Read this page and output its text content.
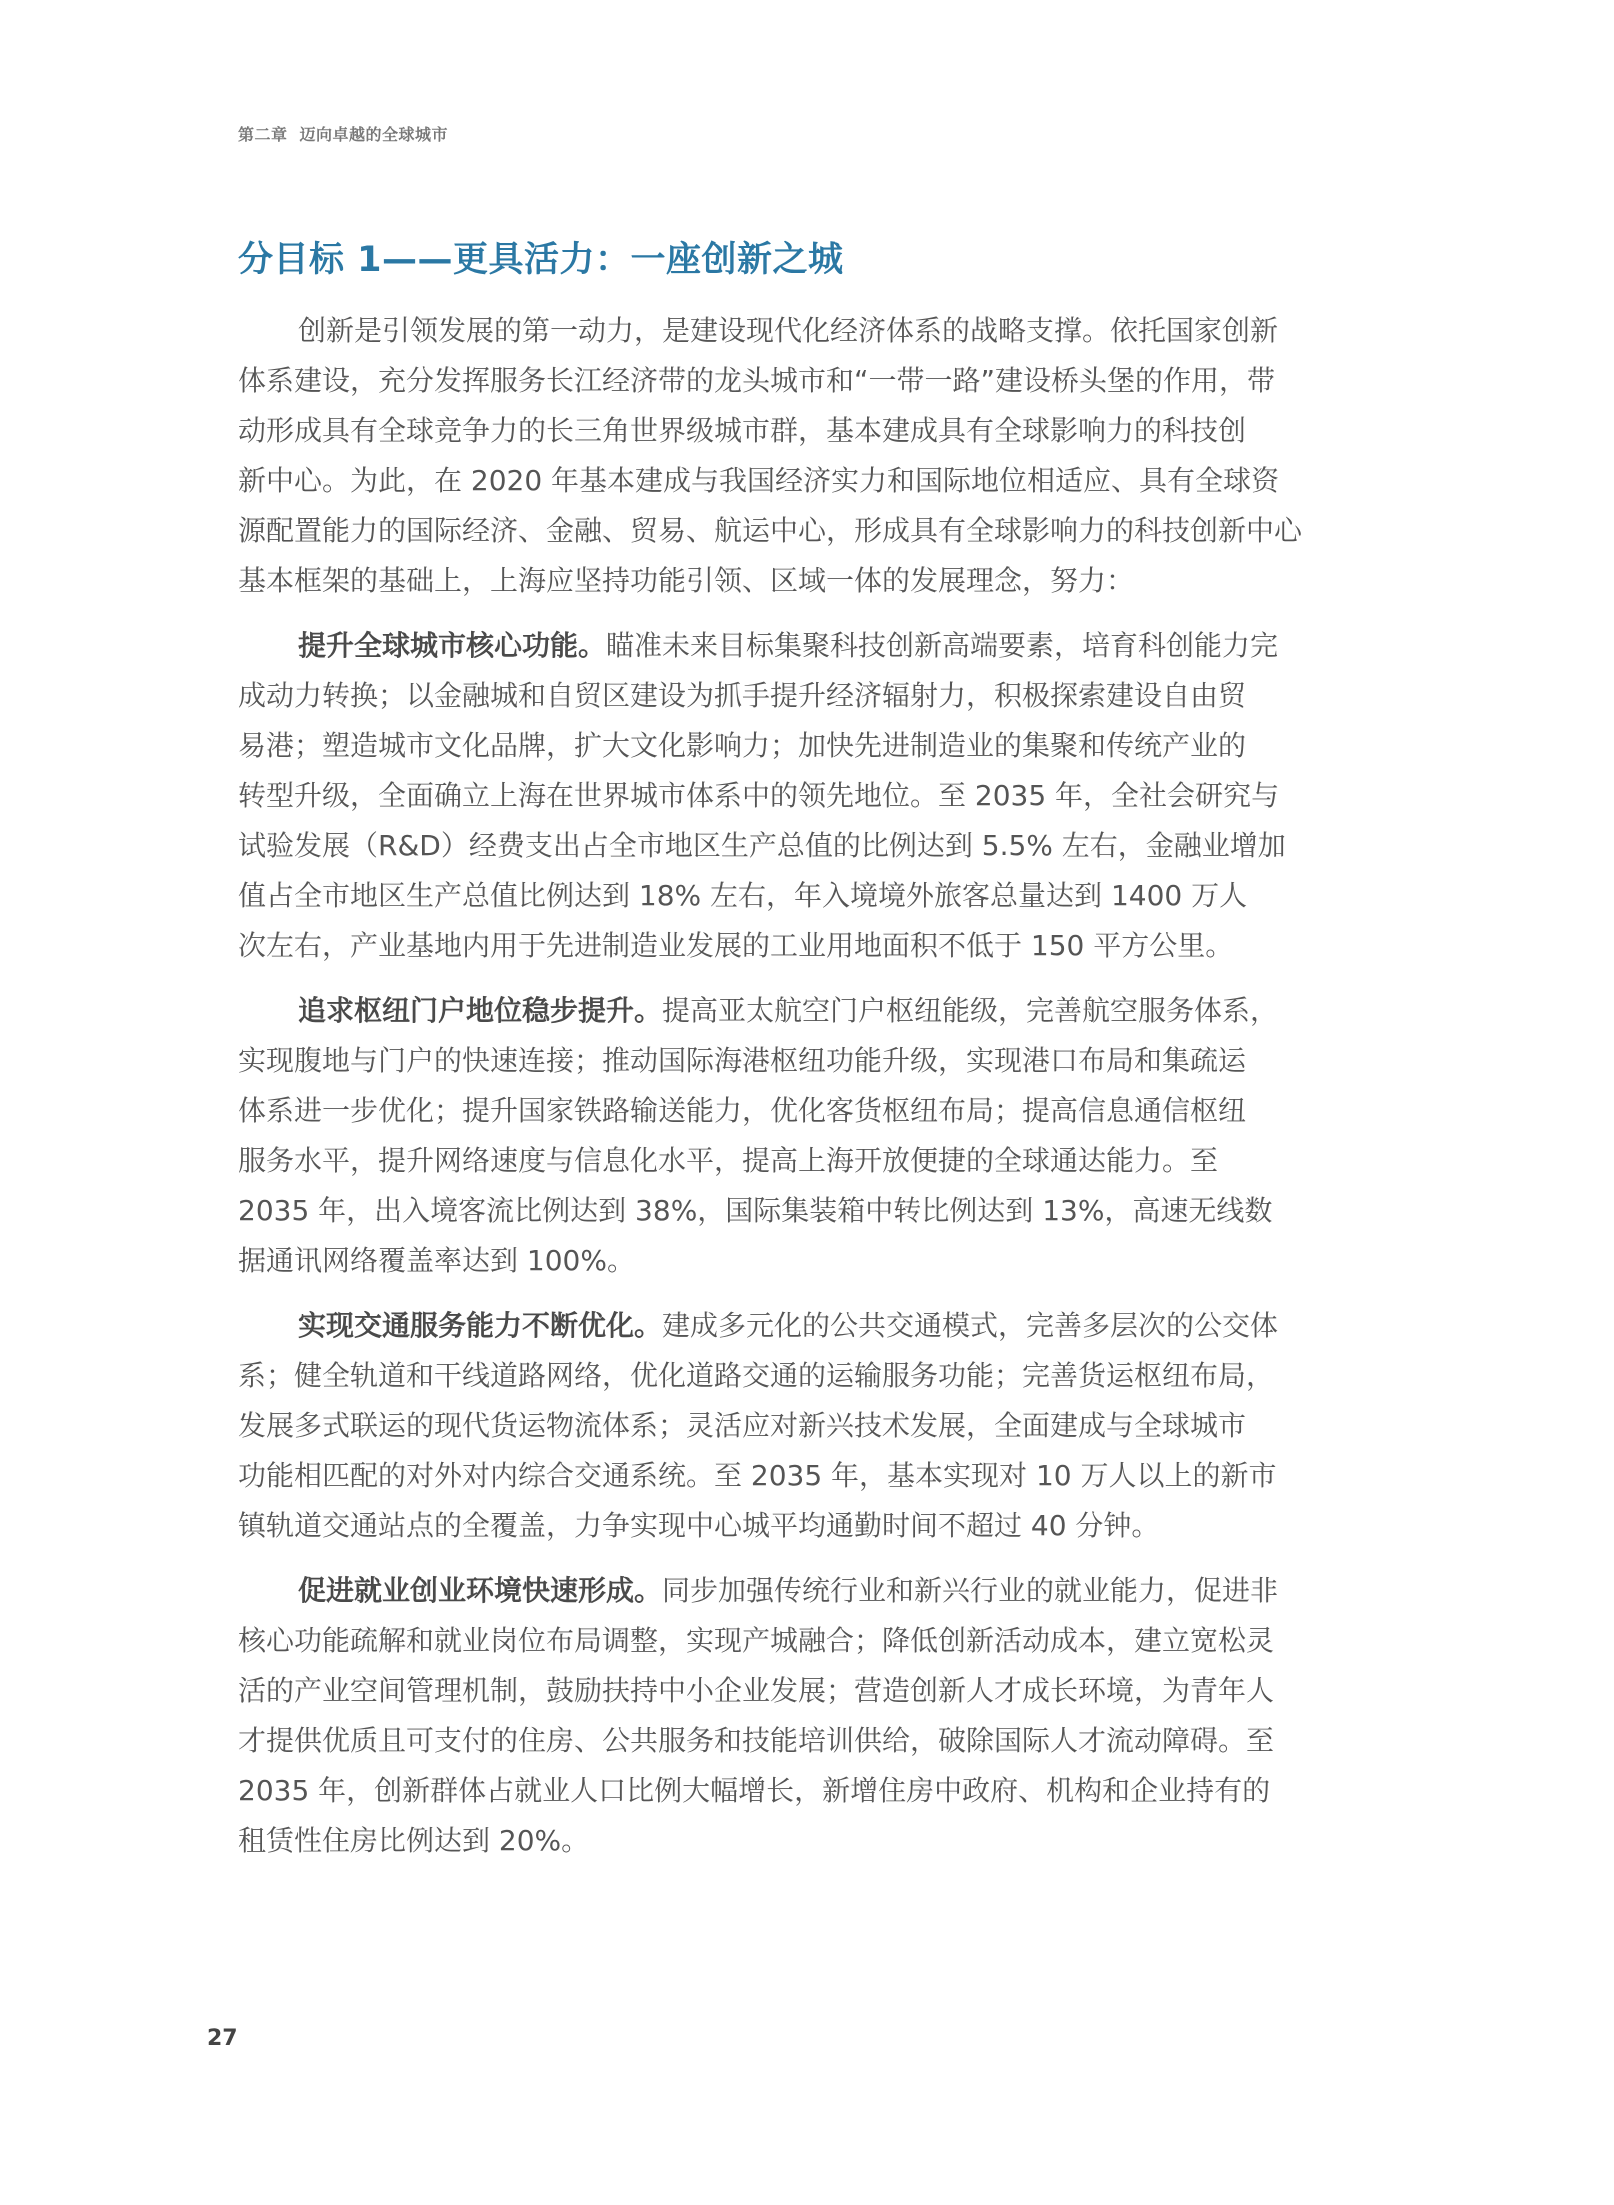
第二章 迈向卓越的全球城市
分目标 1——更具活力：一座创新之城
创新是引领发展的第一动力，是建设现代化经济体系的战略支撑。依托国家创新
体系建设，充分发挥服务长江经济带的龙头城市和“一带一路”建设桥头堡的作用，带
动形成具有全球竞争力的长三角世界级城市群，基本建成具有全球影响力的科技创
新中心。为此，在 2020 年基本建成与我国经济实力和国际地位相适应、具有全球资
源配置能力的国际经济、金融、贸易、航运中心，形成具有全球影响力的科技创新中心
基本框架的基础上，上海应坚持功能引领、区域一体的发展理念，努力：
提升全球城市核心功能。瞄准未来目标集聚科技创新高端要素，培育科创能力完
成动力转换；以金融城和自贸区建设为抓手提升经济辐射力，积极探索建设自由贸
易港；塑造城市文化品牌，扩大文化影响力；加快先进制造业的集聚和传统产业的
转型升级，全面确立上海在世界城市体系中的领先地位。至 2035 年，全社会研究与
试验发展（R&D）经费支出占全市地区生产总值的比例达到 5.5% 左右，金融业增加
值占全市地区生产总值比例达到 18% 左右，年入境境外旅客总量达到 1400 万人
次左右，产业基地内用于先进制造业发展的工业用地面积不低于 150 平方公里。
追求枢纽门户地位稳步提升。提高亚太航空门户枢纽能级，完善航空服务体系，
实现腹地与门户的快速连接；推动国际海港枢纽功能升级，实现港口布局和集疏运
体系进一步优化；提升国家铁路输送能力，优化客货枢纽布局；提高信息通信枢纽
服务水平，提升网络速度与信息化水平，提高上海开放便捷的全球通达能力。至
2035 年，出入境客流比例达到 38%，国际集装箱中转比例达到 13%，高速无线数
据通讯网络覆盖率达到 100%。
实现交通服务能力不断优化。建成多元化的公共交通模式，完善多层次的公交体
系；健全轨道和干线道路网络，优化道路交通的运输服务功能；完善货运枢纽布局，
发展多式联运的现代货运物流体系；灵活应对新兴技术发展，全面建成与全球城市
功能相匹配的对外对内综合交通系统。至 2035 年，基本实现对 10 万人以上的新市
镇轨道交通站点的全覆盖，力争实现中心城平均通勤时间不超过 40 分钟。
促进就业创业环境快速形成。同步加强传统行业和新兴行业的就业能力，促进非
核心功能疏解和就业岗位布局调整，实现产城融合；降低创新活动成本，建立宽松灵
活的产业空间管理机制，鼓励扶持中小企业发展；营造创新人才成长环境，为青年人
才提供优质且可支付的住房、公共服务和技能培训供给，破除国际人才流动障碍。至
2035 年，创新群体占就业人口比例大幅增长，新增住房中政府、机构和企业持有的
租赁性住房比例达到 20%。
27
